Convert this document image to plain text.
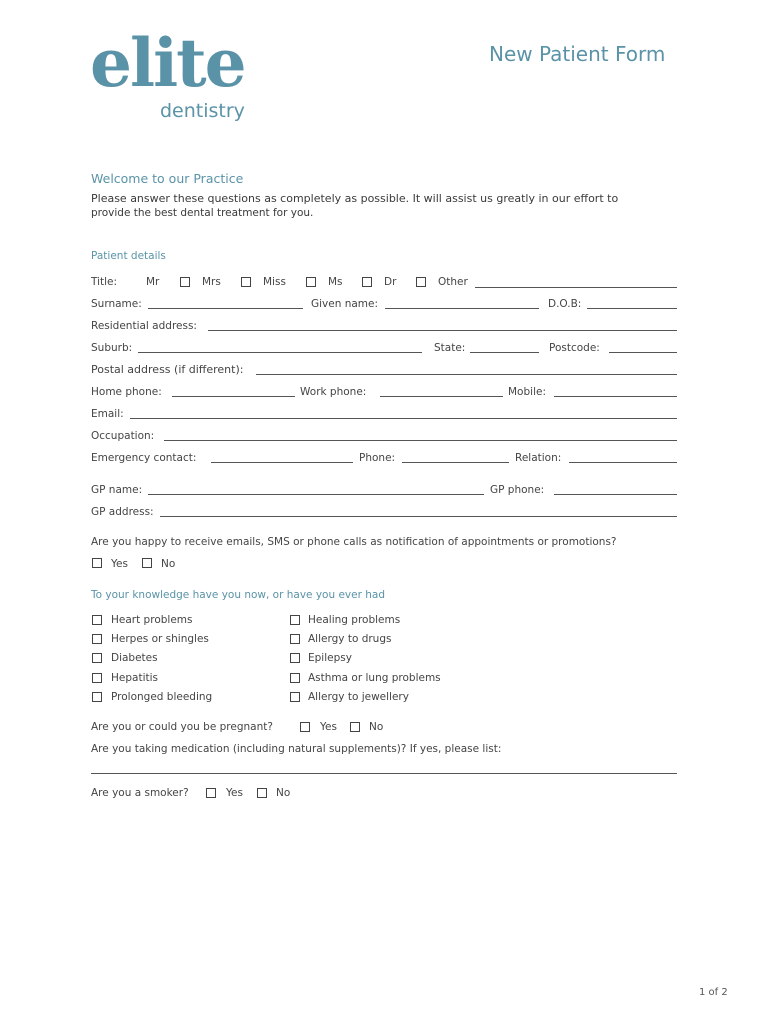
elite
dentistry
New Patient Form
Welcome to our Practice
Please answer these questions as completely as possible. It will assist us greatly in our effort to
provide the best dental treatment for you.
Patient details
Title:	Mr	Mrs	Miss	Ms	Dr	Other
Surname:	Given name:	D.O.B:
Residential address:
Suburb:	State:	Postcode:
Postal address (if different):
Home phone:	Work phone:	Mobile:
Email:
Occupation:
Emergency contact:	Phone:	Relation:
GP name:	GP phone:
GP address:
Are you happy to receive emails, SMS or phone calls as notification of appointments or promotions?
Yes	No
To your knowledge have you now, or have you ever had
Heart problems
Herpes or shingles
Diabetes
Hepatitis
Prolonged bleeding
Healing problems
Allergy to drugs
Epilepsy
Asthma or lung problems
Allergy to jewellery
Are you or could you be pregnant?	Yes	No
Are you taking medication (including natural supplements)? If yes, please list:
Are you a smoker?	Yes	No
1 of 2
